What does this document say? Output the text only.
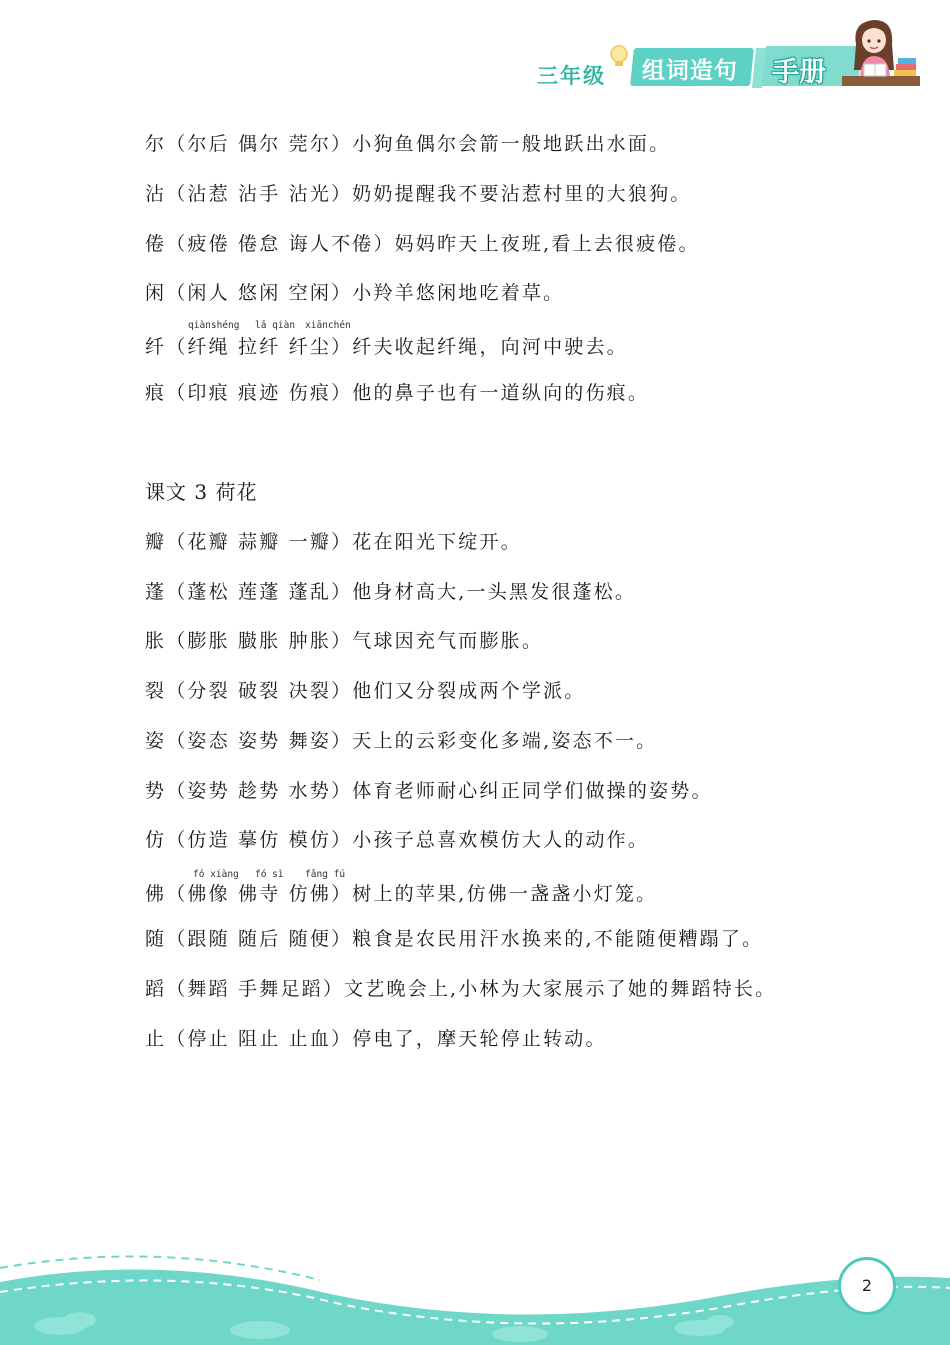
三年级 组词造句 手册
尔（尔后 偶尔 莞尔）小狗鱼偶尔会箭一般地跃出水面。
沾（沾惹 沾手 沾光）奶奶提醒我不要沾惹村里的大狼狗。
倦（疲倦 倦怠 诲人不倦）妈妈昨天上夜班,看上去很疲倦。
闲（闲人 悠闲 空闲）小羚羊悠闲地吃着草。
qiànshéng lā qiàn xiānchén
纤（纤绳 拉纤 纤尘）纤夫收起纤绳，向河中驶去。
痕（印痕 痕迹 伤痕）他的鼻子也有一道纵向的伤痕。
课文 3 荷花
瓣（花瓣 蒜瓣 一瓣）花在阳光下绽开。
蓬（蓬松 莲蓬 蓬乱）他身材高大,一头黑发很蓬松。
胀（膨胀 臌胀 肿胀）气球因充气而膨胀。
裂（分裂 破裂 决裂）他们又分裂成两个学派。
姿（姿态 姿势 舞姿）天上的云彩变化多端,姿态不一。
势（姿势 趁势 水势）体育老师耐心纠正同学们做操的姿势。
仿（仿造 摹仿 模仿）小孩子总喜欢模仿大人的动作。
fó xiàng fó sì fǎng fú
佛（佛像 佛寺 仿佛）树上的苹果,仿佛一盏盏小灯笼。
随（跟随 随后 随便）粮食是农民用汗水换来的,不能随便糟蹋了。
蹈（舞蹈 手舞足蹈）文艺晚会上,小林为大家展示了她的舞蹈特长。
止（停止 阻止 止血）停电了，摩天轮停止转动。
2
